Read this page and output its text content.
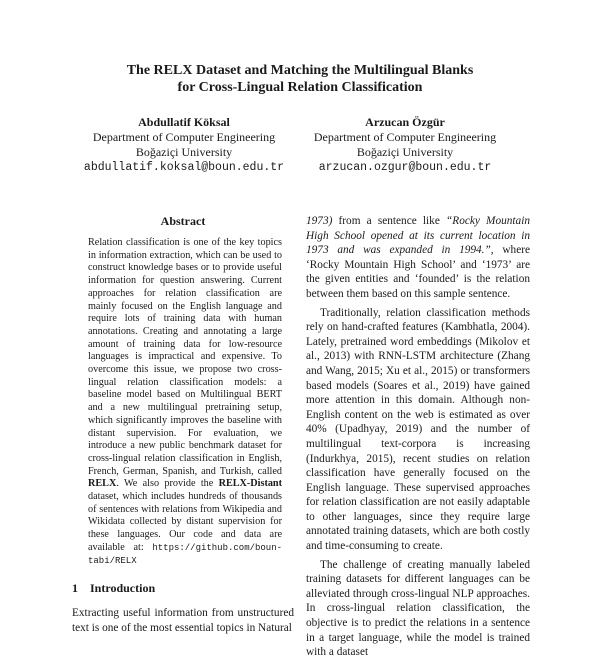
The RELX Dataset and Matching the Multilingual Blanks
for Cross-Lingual Relation Classification
Abdullatif Köksal
Department of Computer Engineering
Boğaziçi University
abdullatif.koksal@boun.edu.tr
Arzucan Özgür
Department of Computer Engineering
Boğaziçi University
arzucan.ozgur@boun.edu.tr
Abstract

Relation classification is one of the key topics in information extraction, which can be used to construct knowledge bases or to provide useful information for question answering. Current approaches for relation classification are mainly focused on the English language and require lots of training data with human annotations. Creating and annotating a large amount of training data for low-resource languages is impractical and expensive. To overcome this issue, we propose two cross-lingual relation classification models: a baseline model based on Multilingual BERT and a new multilingual pretraining setup, which significantly improves the baseline with distant supervision. For evaluation, we introduce a new public benchmark dataset for cross-lingual relation classification in English, French, German, Spanish, and Turkish, called RELX. We also provide the RELX-Distant dataset, which includes hundreds of thousands of sentences with relations from Wikipedia and Wikidata collected by distant supervision for these languages. Our code and data are available at: https://github.com/boun-tabi/RELX

1 Introduction

Extracting useful information from unstructured text is one of the most essential topics in Natural

1973) from a sentence like “Rocky Mountain High School opened at its current location in 1973 and was expanded in 1994.”, where ‘Rocky Mountain High School’ and ‘1973’ are the given entities and ‘founded’ is the relation between them based on this sample sentence.

Traditionally, relation classification methods rely on hand-crafted features (Kambhatla, 2004). Lately, pretrained word embeddings (Mikolov et al., 2013) with RNN-LSTM architecture (Zhang and Wang, 2015; Xu et al., 2015) or transformers based models (Soares et al., 2019) have gained more attention in this domain. Although non-English content on the web is estimated as over 40% (Upadhyay, 2019) and the number of multilingual text-corpora is increasing (Indurkhya, 2015), recent studies on relation classification have generally focused on the English language. These supervised approaches for relation classification are not easily adaptable to other languages, since they require large annotated training datasets, which are both costly and time-consuming to create.

The challenge of creating manually labeled training datasets for different languages can be alleviated through cross-lingual NLP approaches. In cross-lingual relation classification, the objective is to predict the relations in a sentence in a target language, while the model is trained with a dataset
